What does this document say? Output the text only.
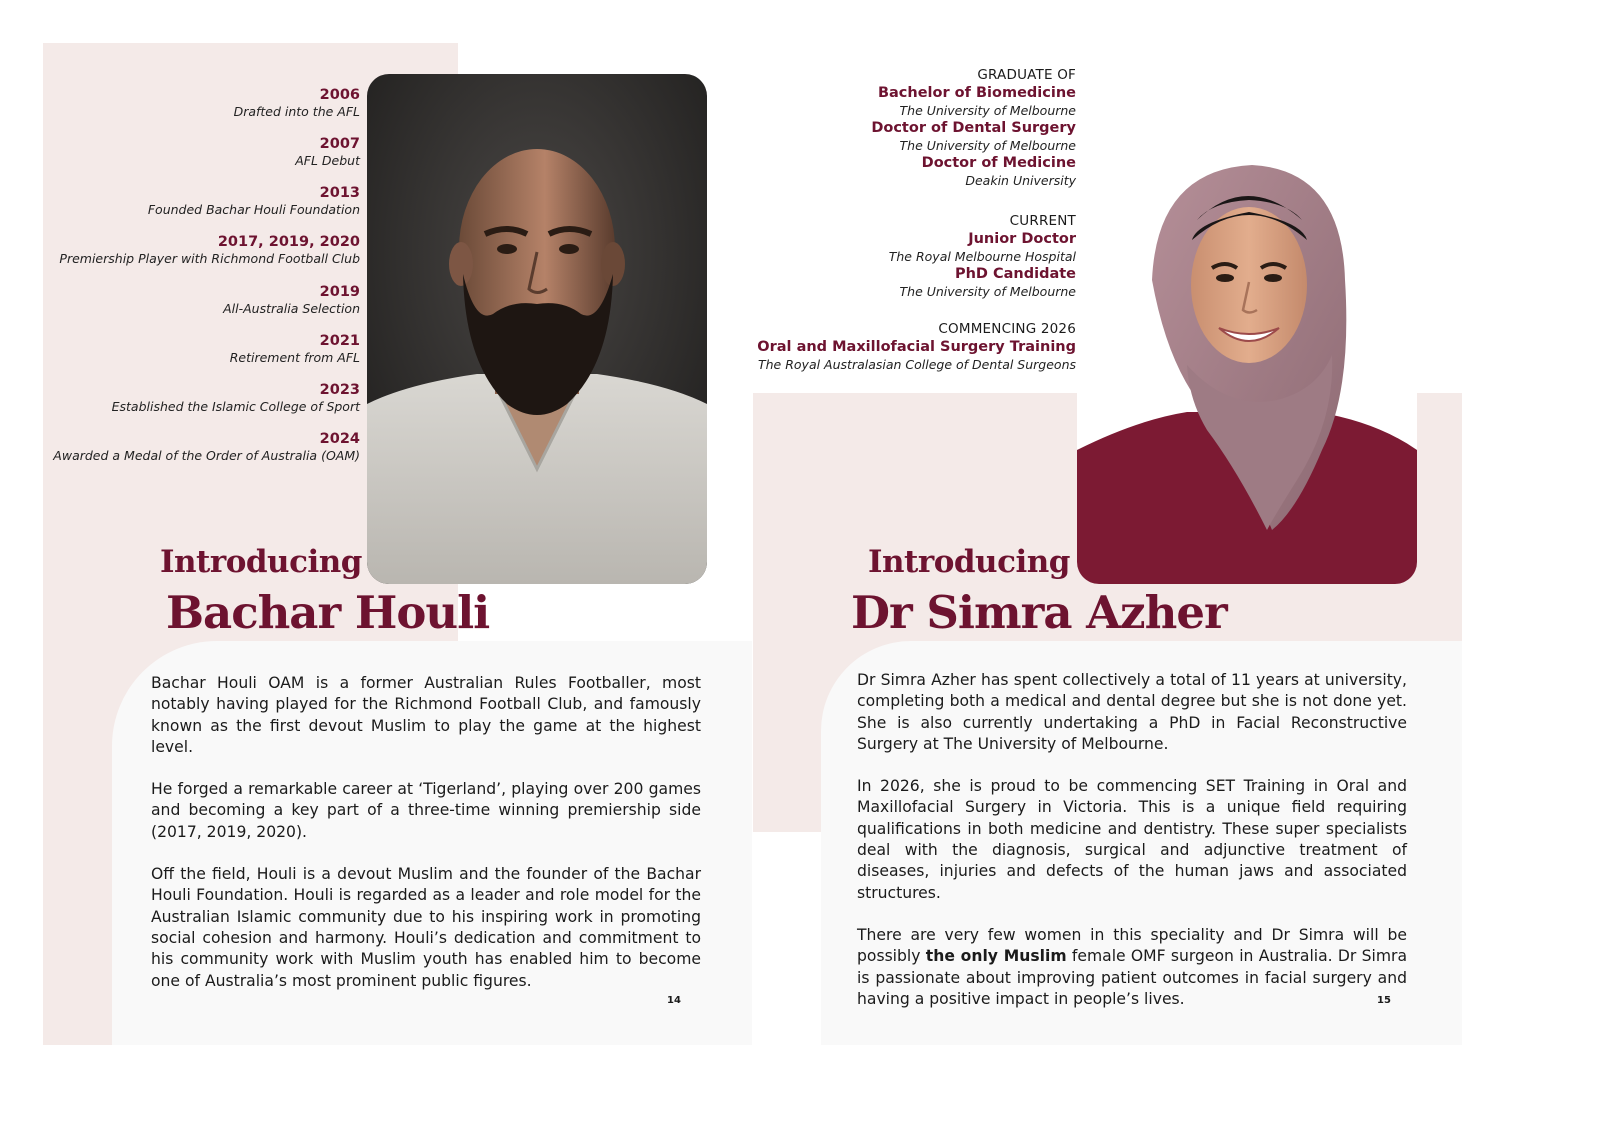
2006
Drafted into the AFL
2007
AFL Debut
2013
Founded Bachar Houli Foundation
2017, 2019, 2020
Premiership Player with Richmond Football Club
2019
All-Australia Selection
2021
Retirement from AFL
2023
Established the Islamic College of Sport
2024
Awarded a Medal of the Order of Australia (OAM)
Introducing
Bachar Houli

Bachar Houli OAM is a former Australian Rules Footballer, most notably having played for the Richmond Football Club, and famously known as the first devout Muslim to play the game at the highest level.

He forged a remarkable career at ‘Tigerland’, playing over 200 games and becoming a key part of a three-time winning premiership side (2017, 2019, 2020).

Off the field, Houli is a devout Muslim and the founder of the Bachar Houli Foundation. Houli is regarded as a leader and role model for the Australian Islamic community due to his inspiring work in promoting social cohesion and harmony. Houli’s dedication and commitment to his community work with Muslim youth has enabled him to become one of Australia’s most prominent public figures.

14
GRADUATE OF
Bachelor of Biomedicine
The University of Melbourne
Doctor of Dental Surgery
The University of Melbourne
Doctor of Medicine
Deakin University
CURRENT
Junior Doctor
The Royal Melbourne Hospital
PhD Candidate
The University of Melbourne
COMMENCING 2026
Oral and Maxillofacial Surgery Training
The Royal Australasian College of Dental Surgeons
Introducing
Dr Simra Azher

Dr Simra Azher has spent collectively a total of 11 years at university, completing both a medical and dental degree but she is not done yet. She is also currently undertaking a PhD in Facial Reconstructive Surgery at The University of Melbourne.

In 2026, she is proud to be commencing SET Training in Oral and Maxillofacial Surgery in Victoria. This is a unique field requiring qualifications in both medicine and dentistry. These super specialists deal with the diagnosis, surgical and adjunctive treatment of diseases, injuries and defects of the human jaws and associated structures.

There are very few women in this speciality and Dr Simra will be possibly the only Muslim female OMF surgeon in Australia. Dr Simra is passionate about improving patient outcomes in facial surgery and having a positive impact in people’s lives.	15
